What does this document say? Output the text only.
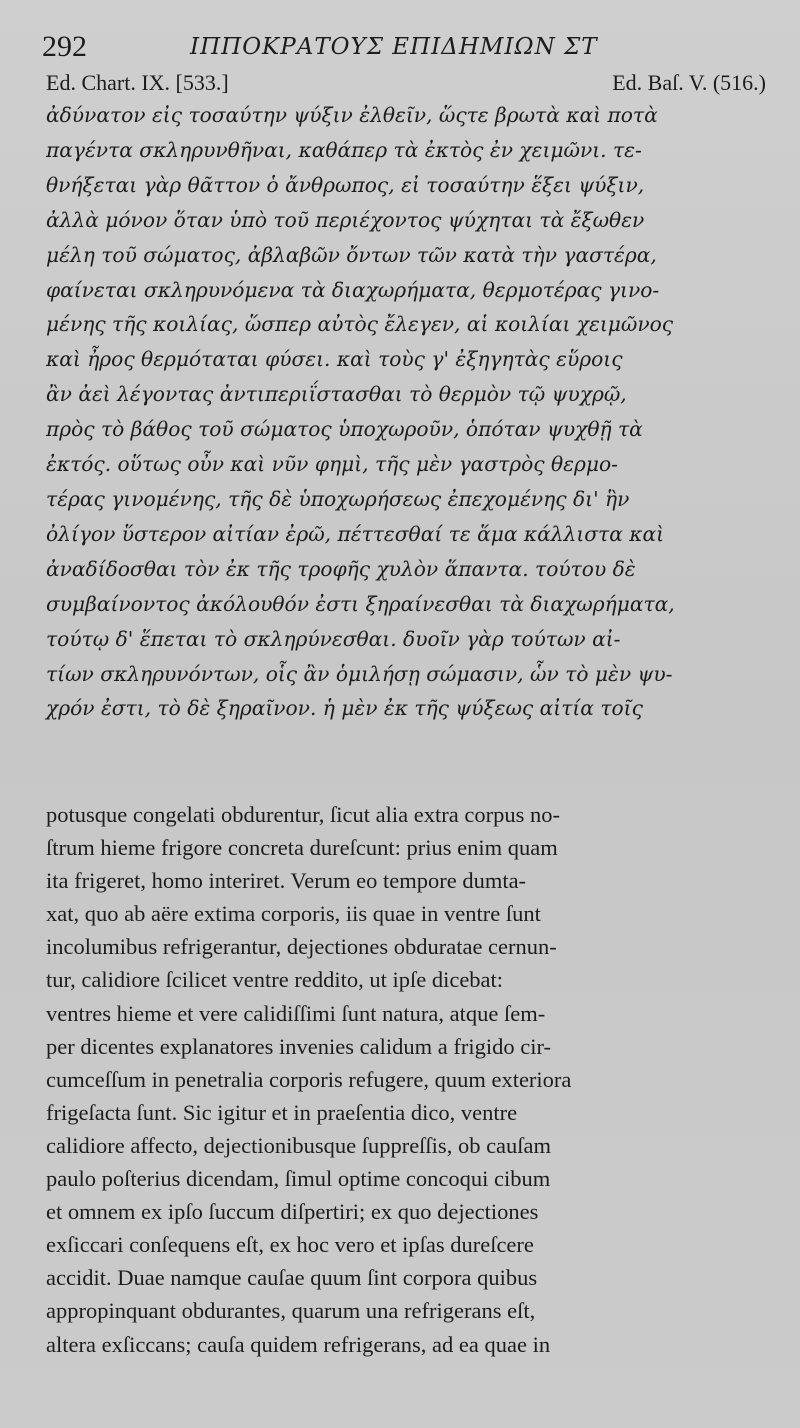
292	ΙΠΠΟΚΡΑΤΟΥΣ ΕΠΙΔΗΜΙΩΝ ΣΤ
Ed. Chart. IX. [533.]	Ed. Baſ. V. (516.)
ἀδύνατον εἰς τοσαύτην ψύξιν ἐλθεῖν, ὥςτε βρωτὰ καὶ ποτὰ
παγέντα σκληρυνθῆναι, καθάπερ τὰ ἐκτὸς ἐν χειμῶνι. τε-
θνήξεται γὰρ θᾶττον ὁ ἄνθρωπος, εἰ τοσαύτην ἕξει ψύξιν,
ἀλλὰ μόνον ὅταν ὑπὸ τοῦ περιέχοντος ψύχηται τὰ ἔξωθεν
μέλη τοῦ σώματος, ἀβλαβῶν ὄντων τῶν κατὰ τὴν γαστέρα,
φαίνεται σκληρυνόμενα τὰ διαχωρήματα, θερμοτέρας γινο-
μένης τῆς κοιλίας, ὥσπερ αὐτὸς ἔλεγεν, αἱ κοιλίαι χειμῶνος
καὶ ἦρος θερμόταται φύσει. καὶ τοὺς γ' ἐξηγητὰς εὕροις
ἂν ἀεὶ λέγοντας ἀντιπεριΐστασθαι τὸ θερμὸν τῷ ψυχρῷ,
πρὸς τὸ βάθος τοῦ σώματος ὑποχωροῦν, ὁπόταν ψυχθῇ τὰ
ἐκτός. οὕτως οὖν καὶ νῦν φημὶ, τῆς μὲν γαστρὸς θερμο-
τέρας γινομένης, τῆς δὲ ὑποχωρήσεως ἐπεχομένης δι' ἣν
ὀλίγον ὕστερον αἰτίαν ἐρῶ, πέττεσθαί τε ἅμα κάλλιστα καὶ
ἀναδίδοσθαι τὸν ἐκ τῆς τροφῆς χυλὸν ἅπαντα. τούτου δὲ
συμβαίνοντος ἀκόλουθόν ἐστι ξηραίνεσθαι τὰ διαχωρήματα,
τούτῳ δ' ἕπεται τὸ σκληρύνεσθαι. δυοῖν γὰρ τούτων αἰ-
τίων σκληρυνόντων, οἷς ἂν ὁμιλήσῃ σώμασιν, ὧν τὸ μὲν ψυ-
χρόν ἐστι, τὸ δὲ ξηραῖνον. ἡ μὲν ἐκ τῆς ψύξεως αἰτία τοῖς
potusque congelati obdurentur, ſicut alia extra corpus no-
ſtrum hieme frigore concreta dureſcunt: prius enim quam
ita frigeret, homo interiret. Verum eo tempore dumta-
xat, quo ab aëre extima corporis, iis quae in ventre ſunt
incolumibus refrigerantur, dejectiones obduratae cernun-
tur, calidiore ſcilicet ventre reddito, ut ipſe dicebat:
ventres hieme et vere calidiſſimi ſunt natura, atque ſem-
per dicentes explanatores invenies calidum a frigido cir-
cumceſſum in penetralia corporis refugere, quum exteriora
frigeſacta ſunt. Sic igitur et in praeſentia dico, ventre
calidiore affecto, dejectionibusque ſuppreſſis, ob cauſam
paulo poſterius dicendam, ſimul optime concoqui cibum
et omnem ex ipſo ſuccum diſpertiri; ex quo dejectiones
exſiccari conſequens eſt, ex hoc vero et ipſas dureſcere
accidit. Duae namque cauſae quum ſint corpora quibus
appropinquant obdurantes, quarum una refrigerans eſt,
altera exſiccans; cauſa quidem refrigerans, ad ea quae in
